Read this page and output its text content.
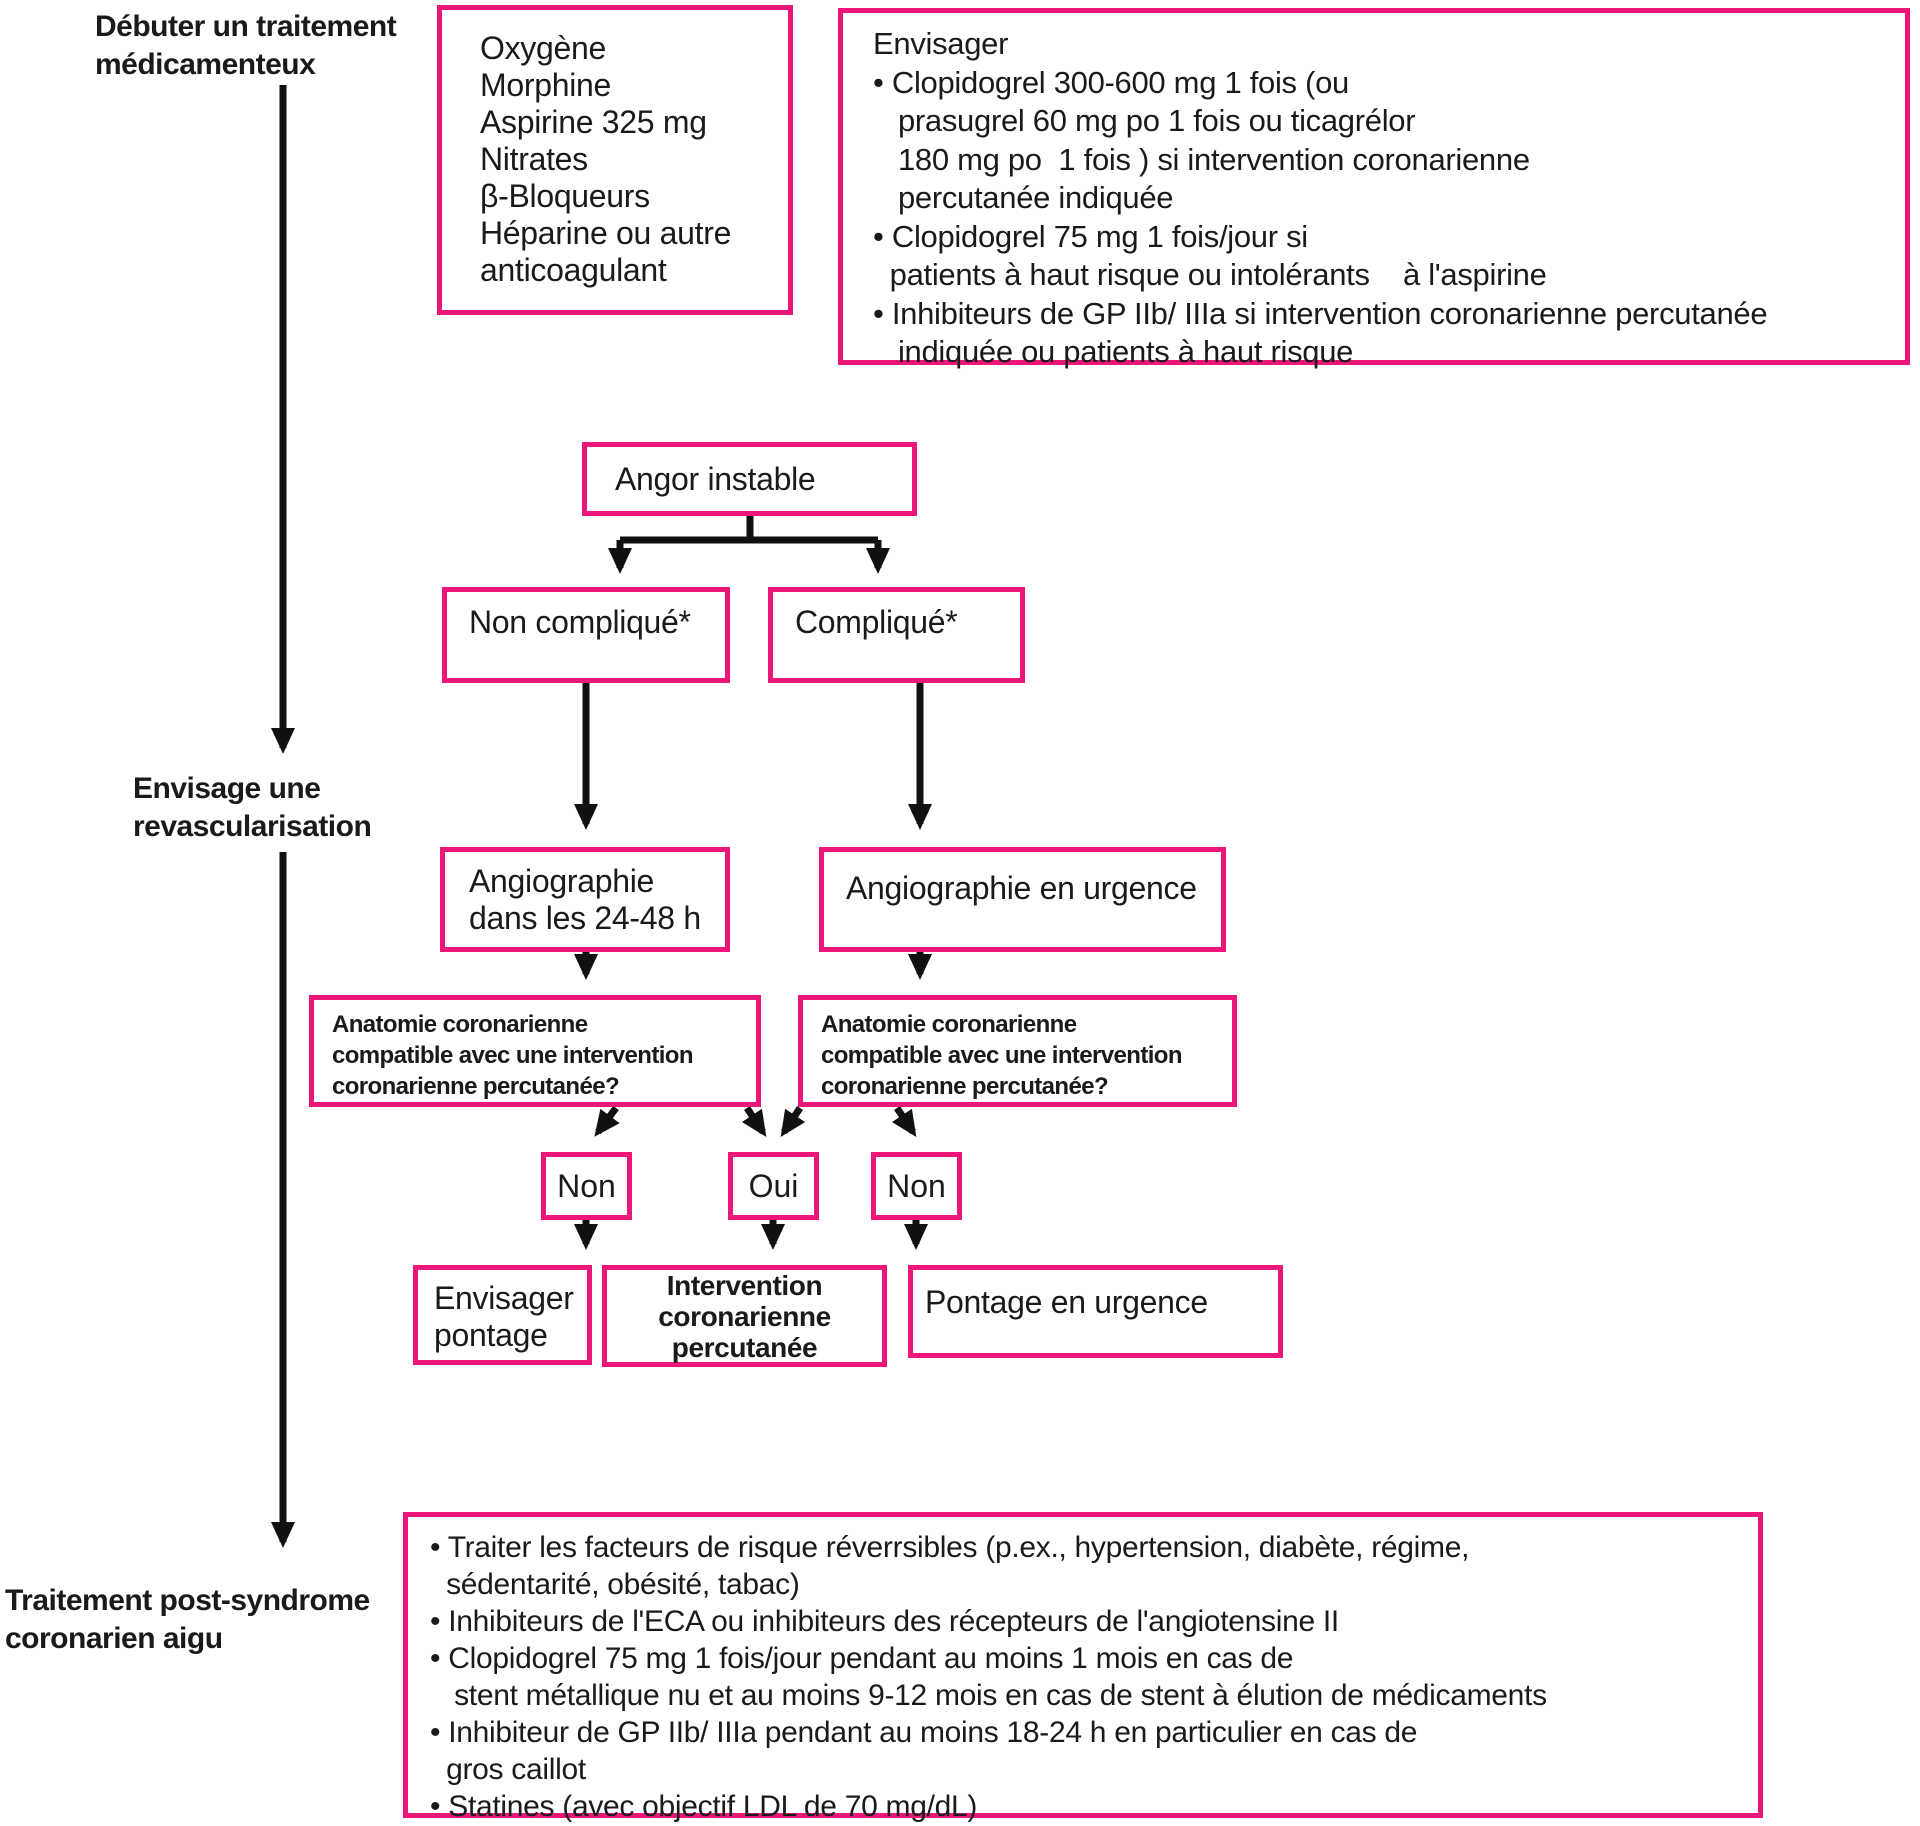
Débuter un traitement
médicamenteux
Envisage une
revascularisation
Traitement post-syndrome
coronarien aigu
Oxygène
Morphine
Aspirine 325 mg
Nitrates
β-Bloqueurs
Héparine ou autre
anticoagulant
Envisager
• Clopidogrel 300-600 mg 1 fois (ou
prasugrel 60 mg po 1 fois ou ticagrélor
180 mg po  1 fois ) si intervention coronarienne
percutanée indiquée
• Clopidogrel 75 mg 1 fois/jour si
patients à haut risque ou intolérants    à l'aspirine
• Inhibiteurs de GP IIb/ IIIa si intervention coronarienne percutanée
indiquée ou patients à haut risque
Angor instable
Non compliqué*	Compliqué*
Angiographie
dans les 24-48 h
Angiographie en urgence
Anatomie coronarienne
compatible avec une intervention
coronarienne percutanée?
Anatomie coronarienne
compatible avec une intervention
coronarienne percutanée?
Non	Oui	Non
Envisager
pontage
Intervention
coronarienne
percutanée
Pontage en urgence
• Traiter les facteurs de risque réverrsibles (p.ex., hypertension, diabète, régime,
sédentarité, obésité, tabac)
• Inhibiteurs de l'ECA ou inhibiteurs des récepteurs de l'angiotensine II
• Clopidogrel 75 mg 1 fois/jour pendant au moins 1 mois en cas de
stent métallique nu et au moins 9-12 mois en cas de stent à élution de médicaments
• Inhibiteur de GP IIb/ IIIa pendant au moins 18-24 h en particulier en cas de
gros caillot
• Statines (avec objectif LDL de 70 mg/dL)
